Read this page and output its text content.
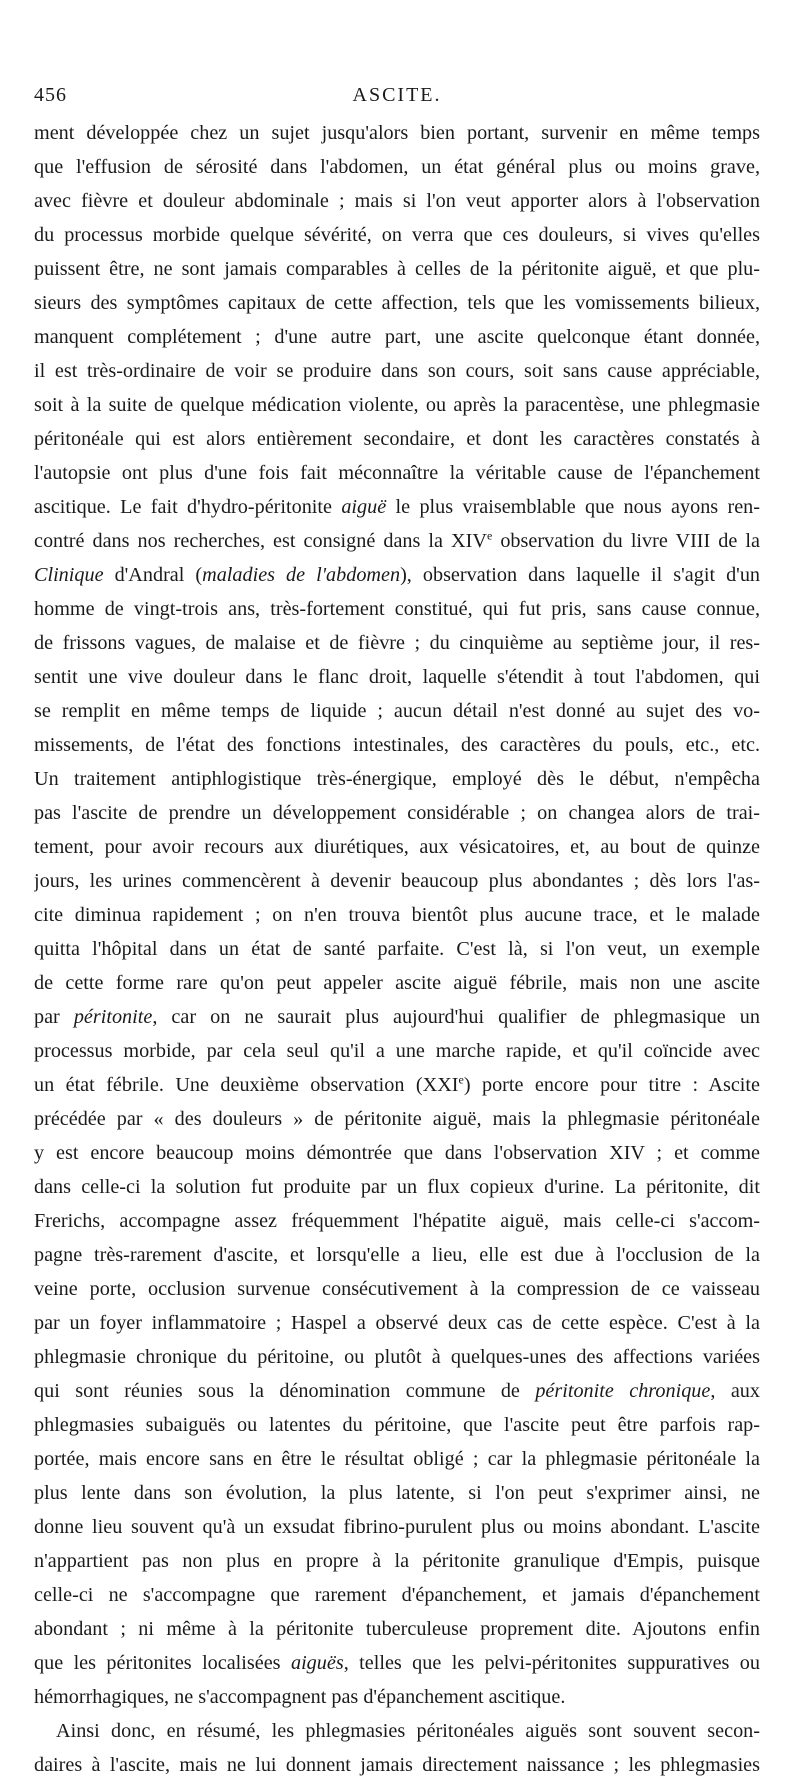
456	ASCITE.
ment développée chez un sujet jusqu'alors bien portant, survenir en même temps
que l'effusion de sérosité dans l'abdomen, un état général plus ou moins grave,
avec fièvre et douleur abdominale ; mais si l'on veut apporter alors à l'observation
du processus morbide quelque sévérité, on verra que ces douleurs, si vives qu'elles
puissent être, ne sont jamais comparables à celles de la péritonite aiguë, et que plu-
sieurs des symptômes capitaux de cette affection, tels que les vomissements bilieux,
manquent complétement ; d'une autre part, une ascite quelconque étant donnée,
il est très-ordinaire de voir se produire dans son cours, soit sans cause appréciable,
soit à la suite de quelque médication violente, ou après la paracentèse, une phlegmasie
péritonéale qui est alors entièrement secondaire, et dont les caractères constatés à
l'autopsie ont plus d'une fois fait méconnaître la véritable cause de l'épanchement
ascitique. Le fait d'hydro-péritonite aiguë le plus vraisemblable que nous ayons ren-
contré dans nos recherches, est consigné dans la XIVe observation du livre VIII de la
Clinique d'Andral (maladies de l'abdomen), observation dans laquelle il s'agit d'un
homme de vingt-trois ans, très-fortement constitué, qui fut pris, sans cause connue,
de frissons vagues, de malaise et de fièvre ; du cinquième au septième jour, il res-
sentit une vive douleur dans le flanc droit, laquelle s'étendit à tout l'abdomen, qui
se remplit en même temps de liquide ; aucun détail n'est donné au sujet des vo-
missements, de l'état des fonctions intestinales, des caractères du pouls, etc., etc.
Un traitement antiphlogistique très-énergique, employé dès le début, n'empêcha
pas l'ascite de prendre un développement considérable ; on changea alors de trai-
tement, pour avoir recours aux diurétiques, aux vésicatoires, et, au bout de quinze
jours, les urines commencèrent à devenir beaucoup plus abondantes ; dès lors l'as-
cite diminua rapidement ; on n'en trouva bientôt plus aucune trace, et le malade
quitta l'hôpital dans un état de santé parfaite. C'est là, si l'on veut, un exemple
de cette forme rare qu'on peut appeler ascite aiguë fébrile, mais non une ascite
par péritonite, car on ne saurait plus aujourd'hui qualifier de phlegmasique un
processus morbide, par cela seul qu'il a une marche rapide, et qu'il coïncide avec
un état fébrile. Une deuxième observation (XXIe) porte encore pour titre : Ascite
précédée par « des douleurs » de péritonite aiguë, mais la phlegmasie péritonéale
y est encore beaucoup moins démontrée que dans l'observation XIV ; et comme
dans celle-ci la solution fut produite par un flux copieux d'urine. La péritonite, dit
Frerichs, accompagne assez fréquemment l'hépatite aiguë, mais celle-ci s'accom-
pagne très-rarement d'ascite, et lorsqu'elle a lieu, elle est due à l'occlusion de la
veine porte, occlusion survenue consécutivement à la compression de ce vaisseau
par un foyer inflammatoire ; Haspel a observé deux cas de cette espèce. C'est à la
phlegmasie chronique du péritoine, ou plutôt à quelques-unes des affections variées
qui sont réunies sous la dénomination commune de péritonite chronique, aux
phlegmasies subaiguës ou latentes du péritoine, que l'ascite peut être parfois rap-
portée, mais encore sans en être le résultat obligé ; car la phlegmasie péritonéale la
plus lente dans son évolution, la plus latente, si l'on peut s'exprimer ainsi, ne
donne lieu souvent qu'à un exsudat fibrino-purulent plus ou moins abondant. L'ascite
n'appartient pas non plus en propre à la péritonite granulique d'Empis, puisque
celle-ci ne s'accompagne que rarement d'épanchement, et jamais d'épanchement
abondant ; ni même à la péritonite tuberculeuse proprement dite. Ajoutons enfin
que les péritonites localisées aiguës, telles que les pelvi-péritonites suppuratives ou
hémorrhagiques, ne s'accompagnent pas d'épanchement ascitique.
Ainsi donc, en résumé, les phlegmasies péritonéales aiguës sont souvent secon-
daires à l'ascite, mais ne lui donnent jamais directement naissance ; les phlegmasies
